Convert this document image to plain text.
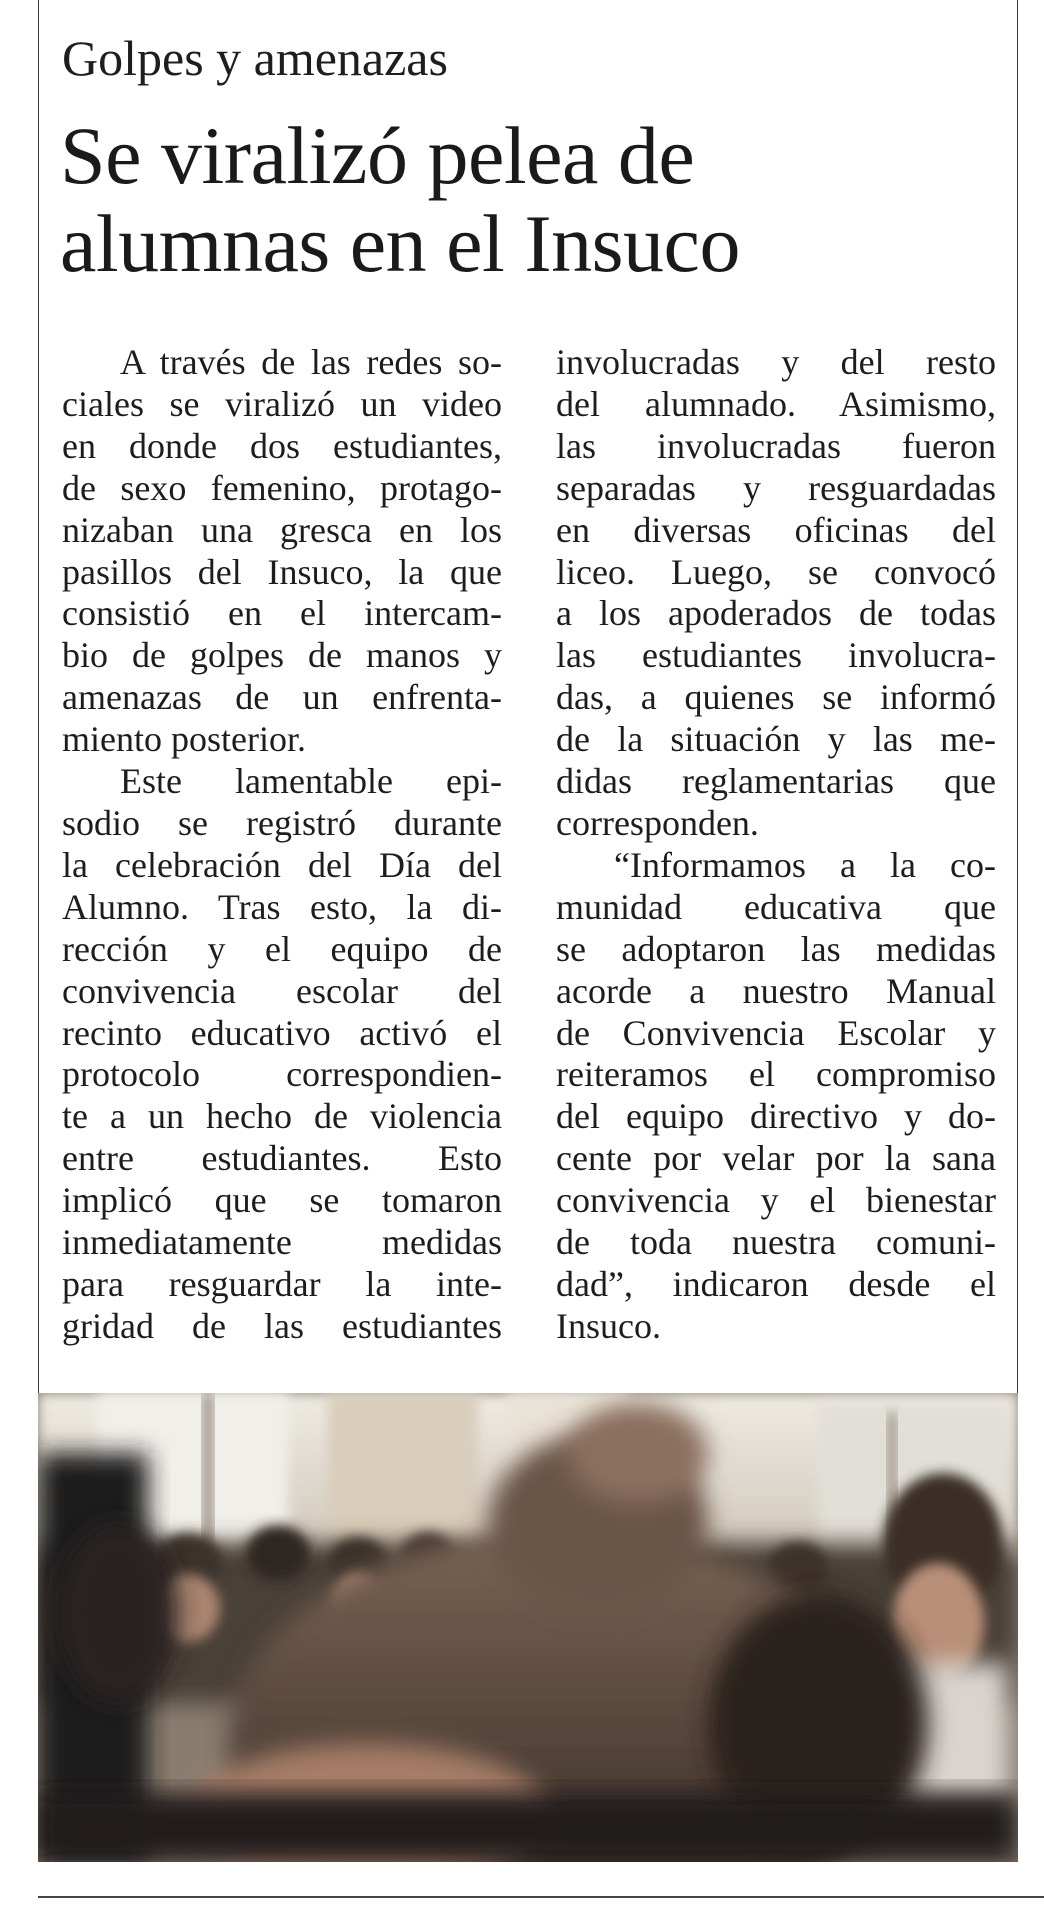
Golpes y amenazas
Se viralizó pelea de
alumnas en el Insuco
A través de las redes so-
ciales se viralizó un video
en donde dos estudiantes,
de sexo femenino, protago-
nizaban una gresca en los
pasillos del Insuco, la que
consistió en el intercam-
bio de golpes de manos y
amenazas de un enfrenta-
miento posterior.
Este lamentable epi-
sodio se registró durante
la celebración del Día del
Alumno. Tras esto, la di-
rección y el equipo de
convivencia escolar del
recinto educativo activó el
protocolo correspondien-
te a un hecho de violencia
entre estudiantes. Esto
implicó que se tomaron
inmediatamente medidas
para resguardar la inte-
gridad de las estudiantes
involucradas y del resto
del alumnado. Asimismo,
las involucradas fueron
separadas y resguardadas
en diversas oficinas del
liceo. Luego, se convocó
a los apoderados de todas
las estudiantes involucra-
das, a quienes se informó
de la situación y las me-
didas reglamentarias que
corresponden.
“Informamos a la co-
munidad educativa que
se adoptaron las medidas
acorde a nuestro Manual
de Convivencia Escolar y
reiteramos el compromiso
del equipo directivo y do-
cente por velar por la sana
convivencia y el bienestar
de toda nuestra comuni-
dad”, indicaron desde el
Insuco.
